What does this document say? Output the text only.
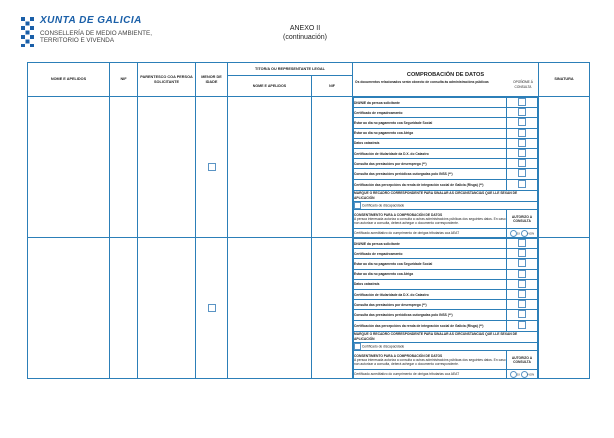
XUNTA DE GALICIA
CONSELLERÍA DE MEDIO AMBIENTE,
TERRITORIO E VIVENDA
ANEXO II
(continuación)
NOME E APELIDOS	NIF	PARENTESCO COA PERSOA SOLICITANTE	MENOR DE IDADE	TITOR/A OU REPRESENTANTE LEGAL	
COMPROBACIÓN DE DATOS
Os documentos relacionados serán obxecto de consulta ás administracións públicas	OPOÑÖME Á CONSULTA
	SINATURA
NOME E APELIDOS	NIF

DNI/NIE da persoa solicitante	
Certificado de empadroamento	
Estar ao día no pagamento coa Seguridade Social	
Estar ao día no pagamento coa Atriga	
Datos catastrais	
Certificación de titularidade da D.X. do Catastro	
Consulta das prestacións por desemprego (**)	
Consulta das prestacións periódicas outorgadas polo INSS (**)	
Certificación das percepcións da renda de integración social de Galicia (Risga) (**)	
MARQUE O RECADRO CORRESPONDENTE PARA SINALAR AS CIRCUNSTANCIAS QUE LLE SEXAN DE APLICACIÓN
Certificado de discapacidade
CONSENTIMENTO PARA A COMPROBACIÓN DE DATOS
A persoa interesada autoriza a consulta a outras administracións públicas dos seguintes datos. En caso non autorizar a consulta, deberá achegar o documento correspondente.	AUTORIZO A CONSULTA
Certificado acreditativo do cumprimento de obrigas tributarias coa AEAT	SI	NON

DNI/NIE da persoa solicitante	
Certificado de empadroamento	
Estar ao día no pagamento coa Seguridade Social	
Estar ao día no pagamento coa Atriga	
Datos catastrais	
Certificación de titularidade da D.X. do Catastro	
Consulta das prestacións por desemprego (**)	
Consulta das prestacións periódicas outorgadas polo INSS (**)	
Certificación das percepcións da renda de integración social de Galicia (Risga) (**)	
MARQUE O RECADRO CORRESPONDENTE PARA SINALAR AS CIRCUNSTANCIAS QUE LLE SEXAN DE APLICACIÓN
Certificado de discapacidade
CONSENTIMENTO PARA A COMPROBACIÓN DE DATOS
A persoa interesada autoriza a consulta a outras administracións públicas dos seguintes datos. En caso non autorizar a consulta, deberá achegar o documento correspondente.	AUTORIZO A CONSULTA
Certificado acreditativo do cumprimento de obrigas tributarias coa AEAT	SI	NON
